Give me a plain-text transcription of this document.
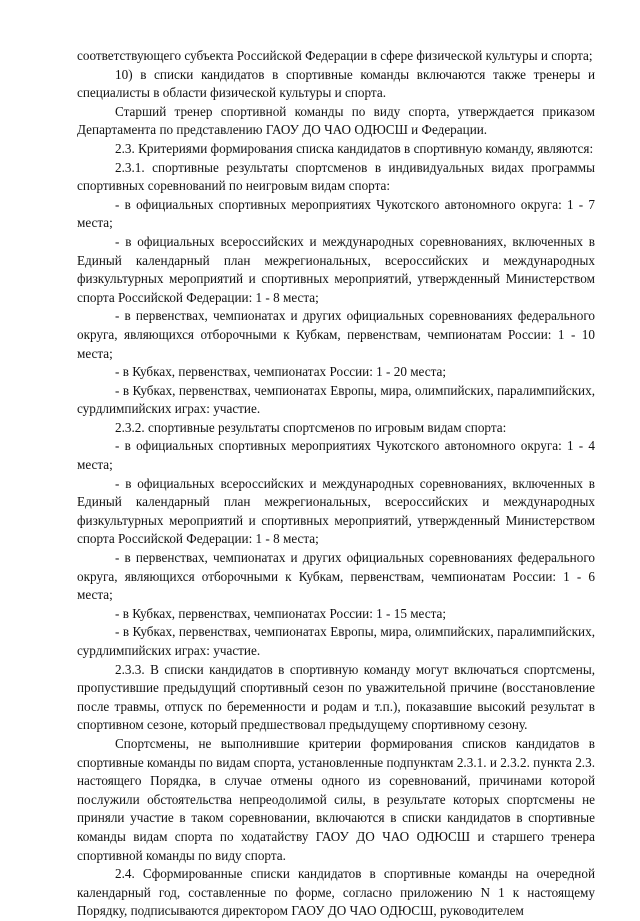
соответствующего субъекта Российской Федерации в сфере физической культуры и спорта;

10) в списки кандидатов в спортивные команды включаются также тренеры и специалисты в области физической культуры и спорта.

Старший тренер спортивной команды по виду спорта, утверждается приказом Департамента по представлению ГАОУ ДО ЧАО ОДЮСШ и Федерации.

2.3. Критериями формирования списка кандидатов в спортивную команду, являются:

2.3.1. спортивные результаты спортсменов в индивидуальных видах программы спортивных соревнований по неигровым видам спорта:

- в официальных спортивных мероприятиях Чукотского автономного округа: 1 - 7 места;

- в официальных всероссийских и международных соревнованиях, включенных в Единый календарный план межрегиональных, всероссийских и международных физкультурных мероприятий и спортивных мероприятий, утвержденный Министерством спорта Российской Федерации: 1 - 8 места;

- в первенствах, чемпионатах и других официальных соревнованиях федерального округа, являющихся отборочными к Кубкам, первенствам, чемпионатам России: 1 - 10 места;

- в Кубках, первенствах, чемпионатах России: 1 - 20 места;

- в Кубках, первенствах, чемпионатах Европы, мира, олимпийских, паралимпийских, сурдлимпийских играх: участие.

2.3.2. спортивные результаты спортсменов по игровым видам спорта:

- в официальных спортивных мероприятиях Чукотского автономного округа: 1 - 4 места;

- в официальных всероссийских и международных соревнованиях, включенных в Единый календарный план межрегиональных, всероссийских и международных физкультурных мероприятий и спортивных мероприятий, утвержденный Министерством спорта Российской Федерации: 1 - 8 места;

- в первенствах, чемпионатах и других официальных соревнованиях федерального округа, являющихся отборочными к Кубкам, первенствам, чемпионатам России: 1 - 6 места;

- в Кубках, первенствах, чемпионатах России: 1 - 15 места;

- в Кубках, первенствах, чемпионатах Европы, мира, олимпийских, паралимпийских, сурдлимпийских играх: участие.

2.3.3. В списки кандидатов в спортивную команду могут включаться спортсмены, пропустившие предыдущий спортивный сезон по уважительной причине (восстановление после травмы, отпуск по беременности и родам и т.п.), показавшие высокий результат в спортивном сезоне, который предшествовал предыдущему спортивному сезону.

Спортсмены, не выполнившие критерии формирования списков кандидатов в спортивные команды по видам спорта, установленные подпунктам 2.3.1. и 2.3.2. пункта 2.3. настоящего Порядка, в случае отмены одного из соревнований, причинами которой послужили обстоятельства непреодолимой силы, в результате которых спортсмены не приняли участие в таком соревновании, включаются в списки кандидатов в спортивные команды видам спорта по ходатайству ГАОУ ДО ЧАО ОДЮСШ и старшего тренера спортивной команды по виду спорта.

2.4. Сформированные списки кандидатов в спортивные команды на очередной календарный год, составленные по форме, согласно приложению N 1 к настоящему Порядку, подписываются директором ГАОУ ДО ЧАО ОДЮСШ, руководителем
